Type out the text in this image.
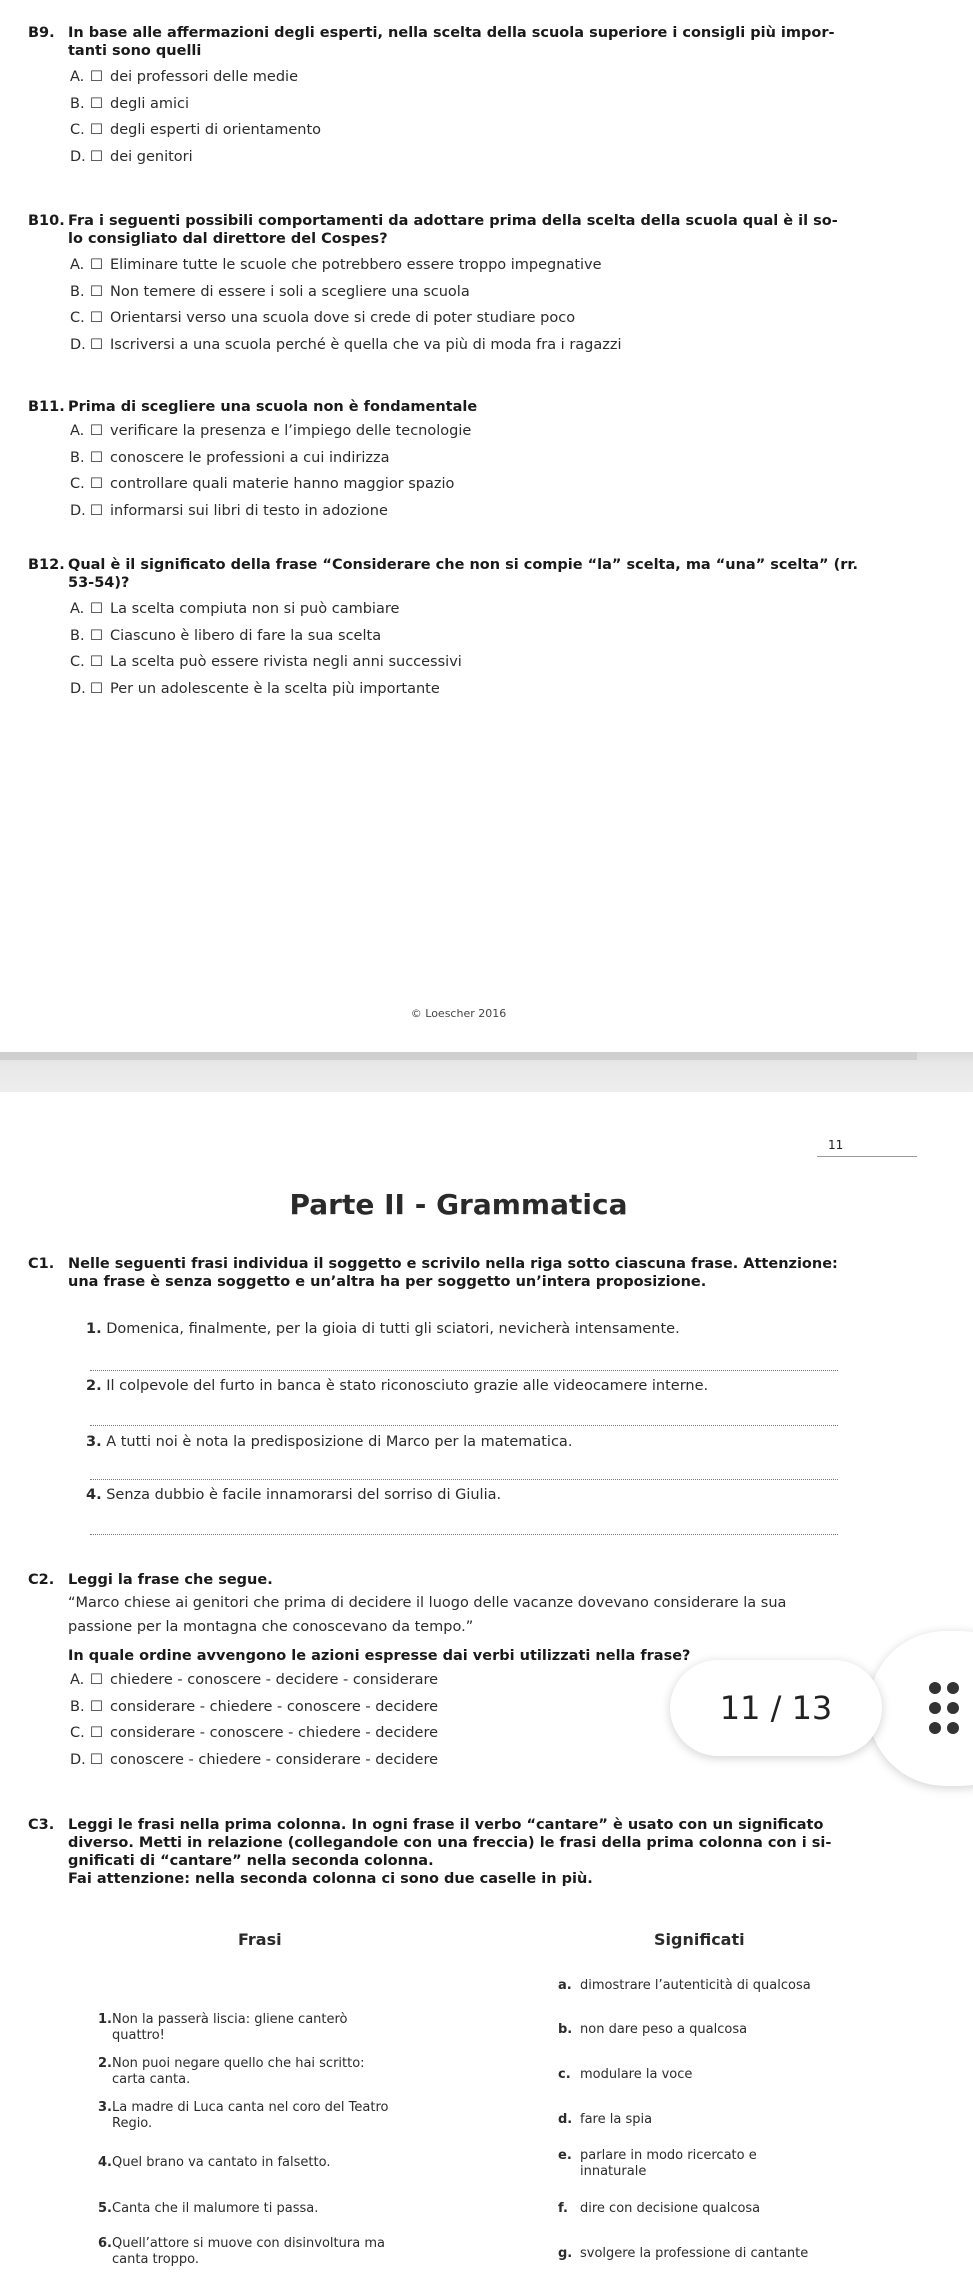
B9. In base alle affermazioni degli esperti, nella scelta della scuola superiore i consigli più impor-
tanti sono quelli
A. ☐ dei professori delle medie
B. ☐ degli amici
C. ☐ degli esperti di orientamento
D. ☐ dei genitori
B10. Fra i seguenti possibili comportamenti da adottare prima della scelta della scuola qual è il so-
lo consigliato dal direttore del Cospes?
A. ☐ Eliminare tutte le scuole che potrebbero essere troppo impegnative
B. ☐ Non temere di essere i soli a scegliere una scuola
C. ☐ Orientarsi verso una scuola dove si crede di poter studiare poco
D. ☐ Iscriversi a una scuola perché è quella che va più di moda fra i ragazzi
B11. Prima di scegliere una scuola non è fondamentale
A. ☐ verificare la presenza e l’impiego delle tecnologie
B. ☐ conoscere le professioni a cui indirizza
C. ☐ controllare quali materie hanno maggior spazio
D. ☐ informarsi sui libri di testo in adozione
B12. Qual è il significato della frase “Considerare che non si compie “la” scelta, ma “una” scelta” (rr.
53-54)?
A. ☐ La scelta compiuta non si può cambiare
B. ☐ Ciascuno è libero di fare la sua scelta
C. ☐ La scelta può essere rivista negli anni successivi
D. ☐ Per un adolescente è la scelta più importante
© Loescher 2016
11
Parte II - Grammatica
C1. Nelle seguenti frasi individua il soggetto e scrivilo nella riga sotto ciascuna frase. Attenzione:
una frase è senza soggetto e un’altra ha per soggetto un’intera proposizione.
1. Domenica, finalmente, per la gioia di tutti gli sciatori, nevicherà intensamente.
2. Il colpevole del furto in banca è stato riconosciuto grazie alle videocamere interne.
3. A tutti noi è nota la predisposizione di Marco per la matematica.
4. Senza dubbio è facile innamorarsi del sorriso di Giulia.
C2. Leggi la frase che segue.
“Marco chiese ai genitori che prima di decidere il luogo delle vacanze dovevano considerare la sua
passione per la montagna che conoscevano da tempo.”
In quale ordine avvengono le azioni espresse dai verbi utilizzati nella frase?
A. ☐ chiedere - conoscere - decidere - considerare
B. ☐ considerare - chiedere - conoscere - decidere
C. ☐ considerare - conoscere - chiedere - decidere
D. ☐ conoscere - chiedere - considerare - decidere
C3. Leggi le frasi nella prima colonna. In ogni frase il verbo “cantare” è usato con un significato
diverso. Metti in relazione (collegandole con una freccia) le frasi della prima colonna con i si-
gnificati di “cantare” nella seconda colonna.
Fai attenzione: nella seconda colonna ci sono due caselle in più.
Frasi	Significati
1.Non la passerà liscia: gliene canterò
quattro!
2.Non puoi negare quello che hai scritto:
carta canta.
3.La madre di Luca canta nel coro del Teatro
Regio.
4.Quel brano va cantato in falsetto.
5.Canta che il malumore ti passa.
6.Quell’attore si muove con disinvoltura ma
canta troppo.
a. dimostrare l’autenticità di qualcosa
b. non dare peso a qualcosa
c. modulare la voce
d. fare la spia
e. parlare in modo ricercato e
innaturale
f. dire con decisione qualcosa
g. svolgere la professione di cantante
11 / 13
